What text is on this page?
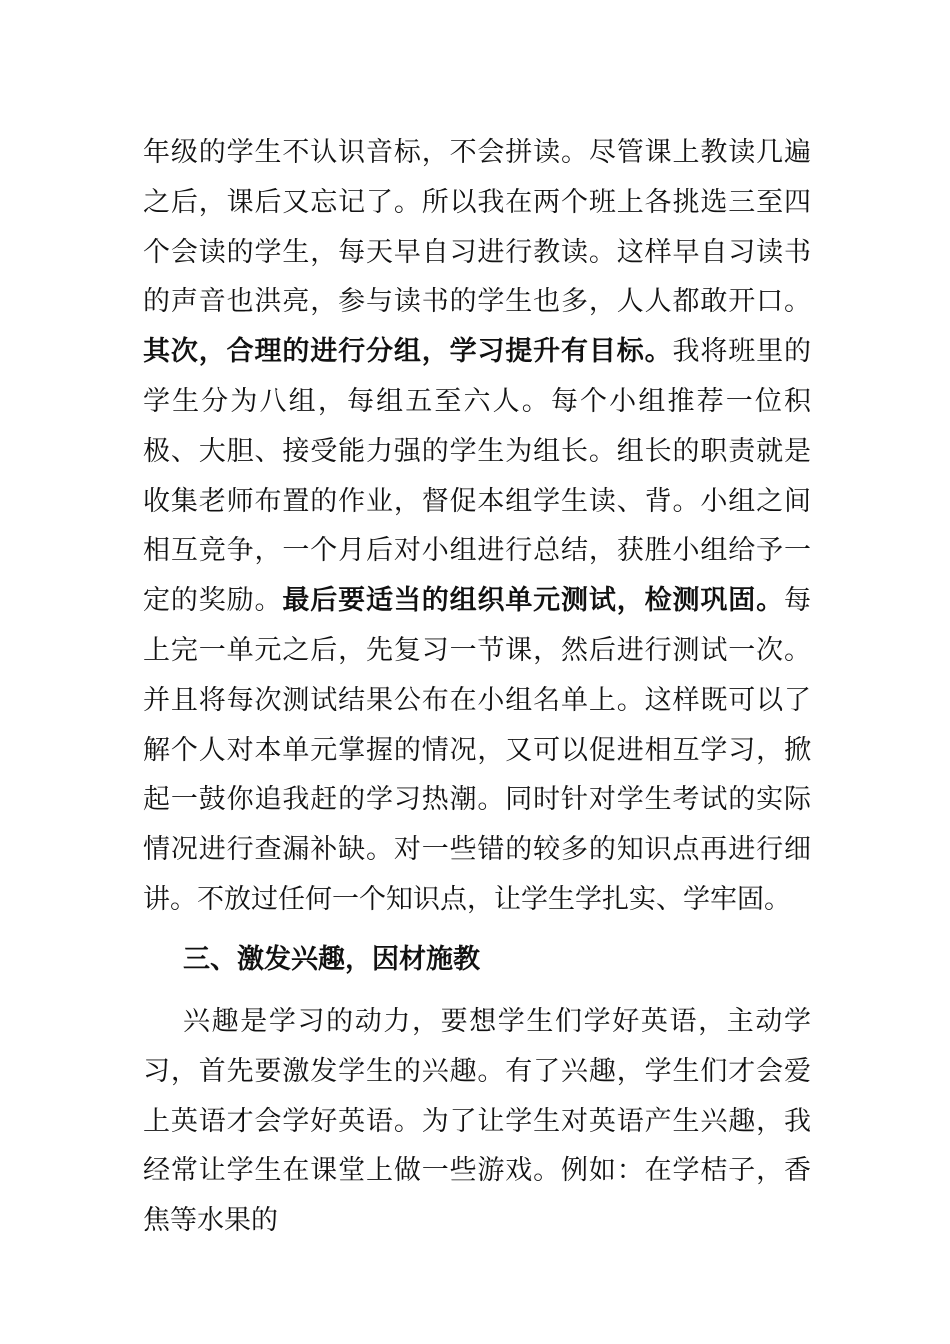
年级的学生不认识音标，不会拼读。尽管课上教读几遍之后，课后又忘记了。所以我在两个班上各挑选三至四个会读的学生，每天早自习进行教读。这样早自习读书的声音也洪亮，参与读书的学生也多，人人都敢开口。其次，合理的进行分组，学习提升有目标。我将班里的学生分为八组，每组五至六人。每个小组推荐一位积极、大胆、接受能力强的学生为组长。组长的职责就是收集老师布置的作业，督促本组学生读、背。小组之间相互竞争，一个月后对小组进行总结，获胜小组给予一定的奖励。最后要适当的组织单元测试，检测巩固。每上完一单元之后，先复习一节课，然后进行测试一次。并且将每次测试结果公布在小组名单上。这样既可以了解个人对本单元掌握的情况，又可以促进相互学习，掀起一鼓你追我赶的学习热潮。同时针对学生考试的实际情况进行查漏补缺。对一些错的较多的知识点再进行细讲。不放过任何一个知识点，让学生学扎实、学牢固。

三、激发兴趣，因材施教

兴趣是学习的动力，要想学生们学好英语，主动学习，首先要激发学生的兴趣。有了兴趣，学生们才会爱上英语才会学好英语。为了让学生对英语产生兴趣，我经常让学生在课堂上做一些游戏。例如：在学桔子，香焦等水果的
